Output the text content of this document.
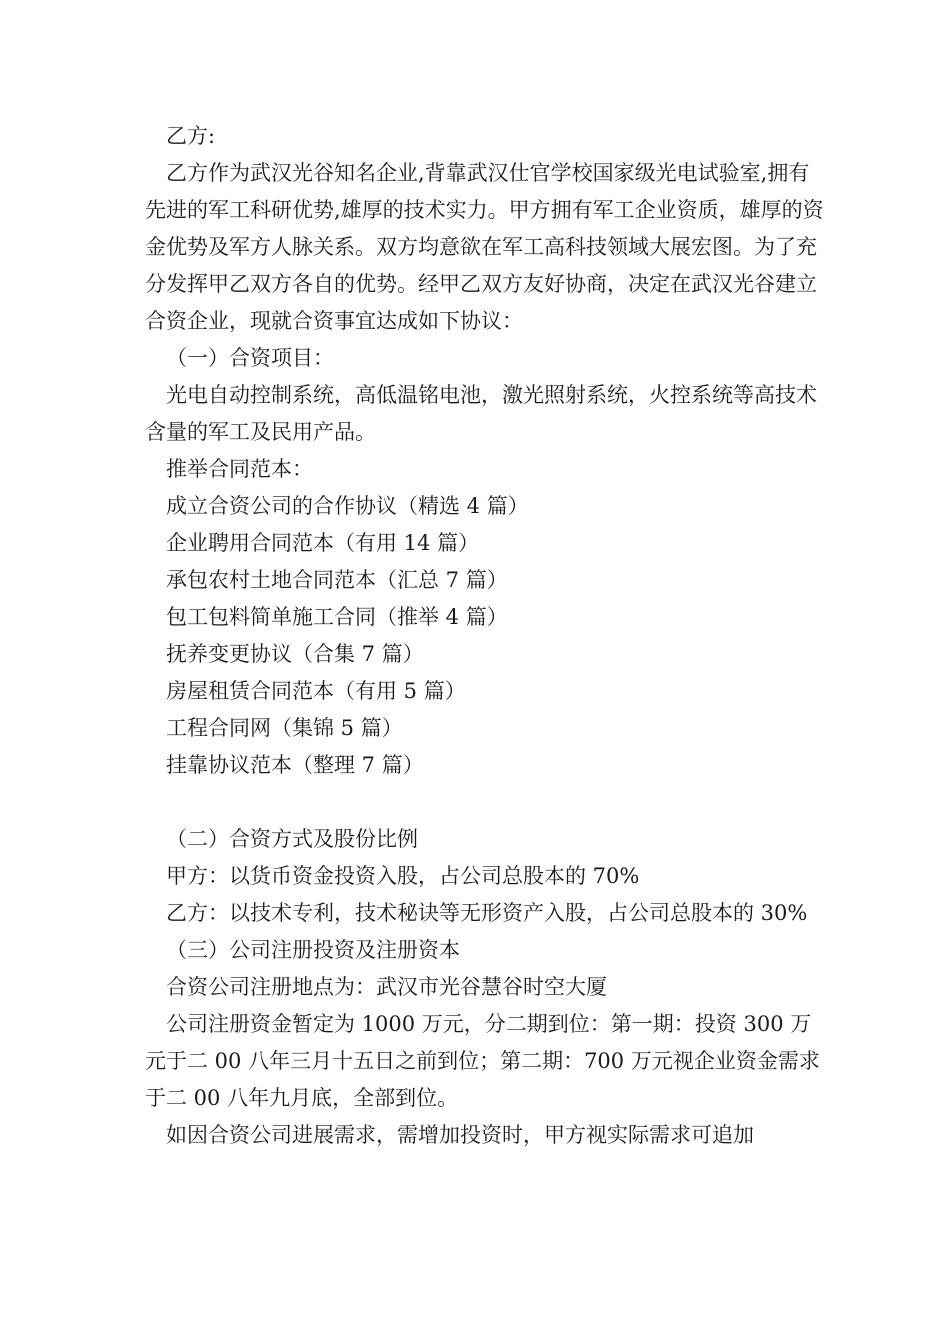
乙方:

乙方作为武汉光谷知名企业,背靠武汉仕官学校国家级光电试验室,拥有先进的军工科研优势,雄厚的技术实力。甲方拥有军工企业资质，雄厚的资金优势及军方人脉关系。双方均意欲在军工高科技领域大展宏图。为了充分发挥甲乙双方各自的优势。经甲乙双方友好协商，决定在武汉光谷建立合资企业，现就合资事宜达成如下协议：

（一）合资项目：

光电自动控制系统，高低温铭电池，激光照射系统，火控系统等高技术含量的军工及民用产品。

推举合同范本：

成立合资公司的合作协议（精选 4 篇）

企业聘用合同范本（有用 14 篇）

承包农村土地合同范本（汇总 7 篇）

包工包料简单施工合同（推举 4 篇）

抚养变更协议（合集 7 篇）

房屋租赁合同范本（有用 5 篇）

工程合同网（集锦 5 篇）

挂靠协议范本（整理 7 篇）

（二）合资方式及股份比例

甲方：以货币资金投资入股，占公司总股本的 70%

乙方：以技术专利，技术秘诀等无形资产入股，占公司总股本的 30%

（三）公司注册投资及注册资本

合资公司注册地点为：武汉市光谷慧谷时空大厦

公司注册资金暂定为 1000 万元，分二期到位：第一期：投资 300 万元于二 00 八年三月十五日之前到位；第二期：700 万元视企业资金需求于二 00 八年九月底，全部到位。

如因合资公司进展需求，需增加投资时，甲方视实际需求可追加
